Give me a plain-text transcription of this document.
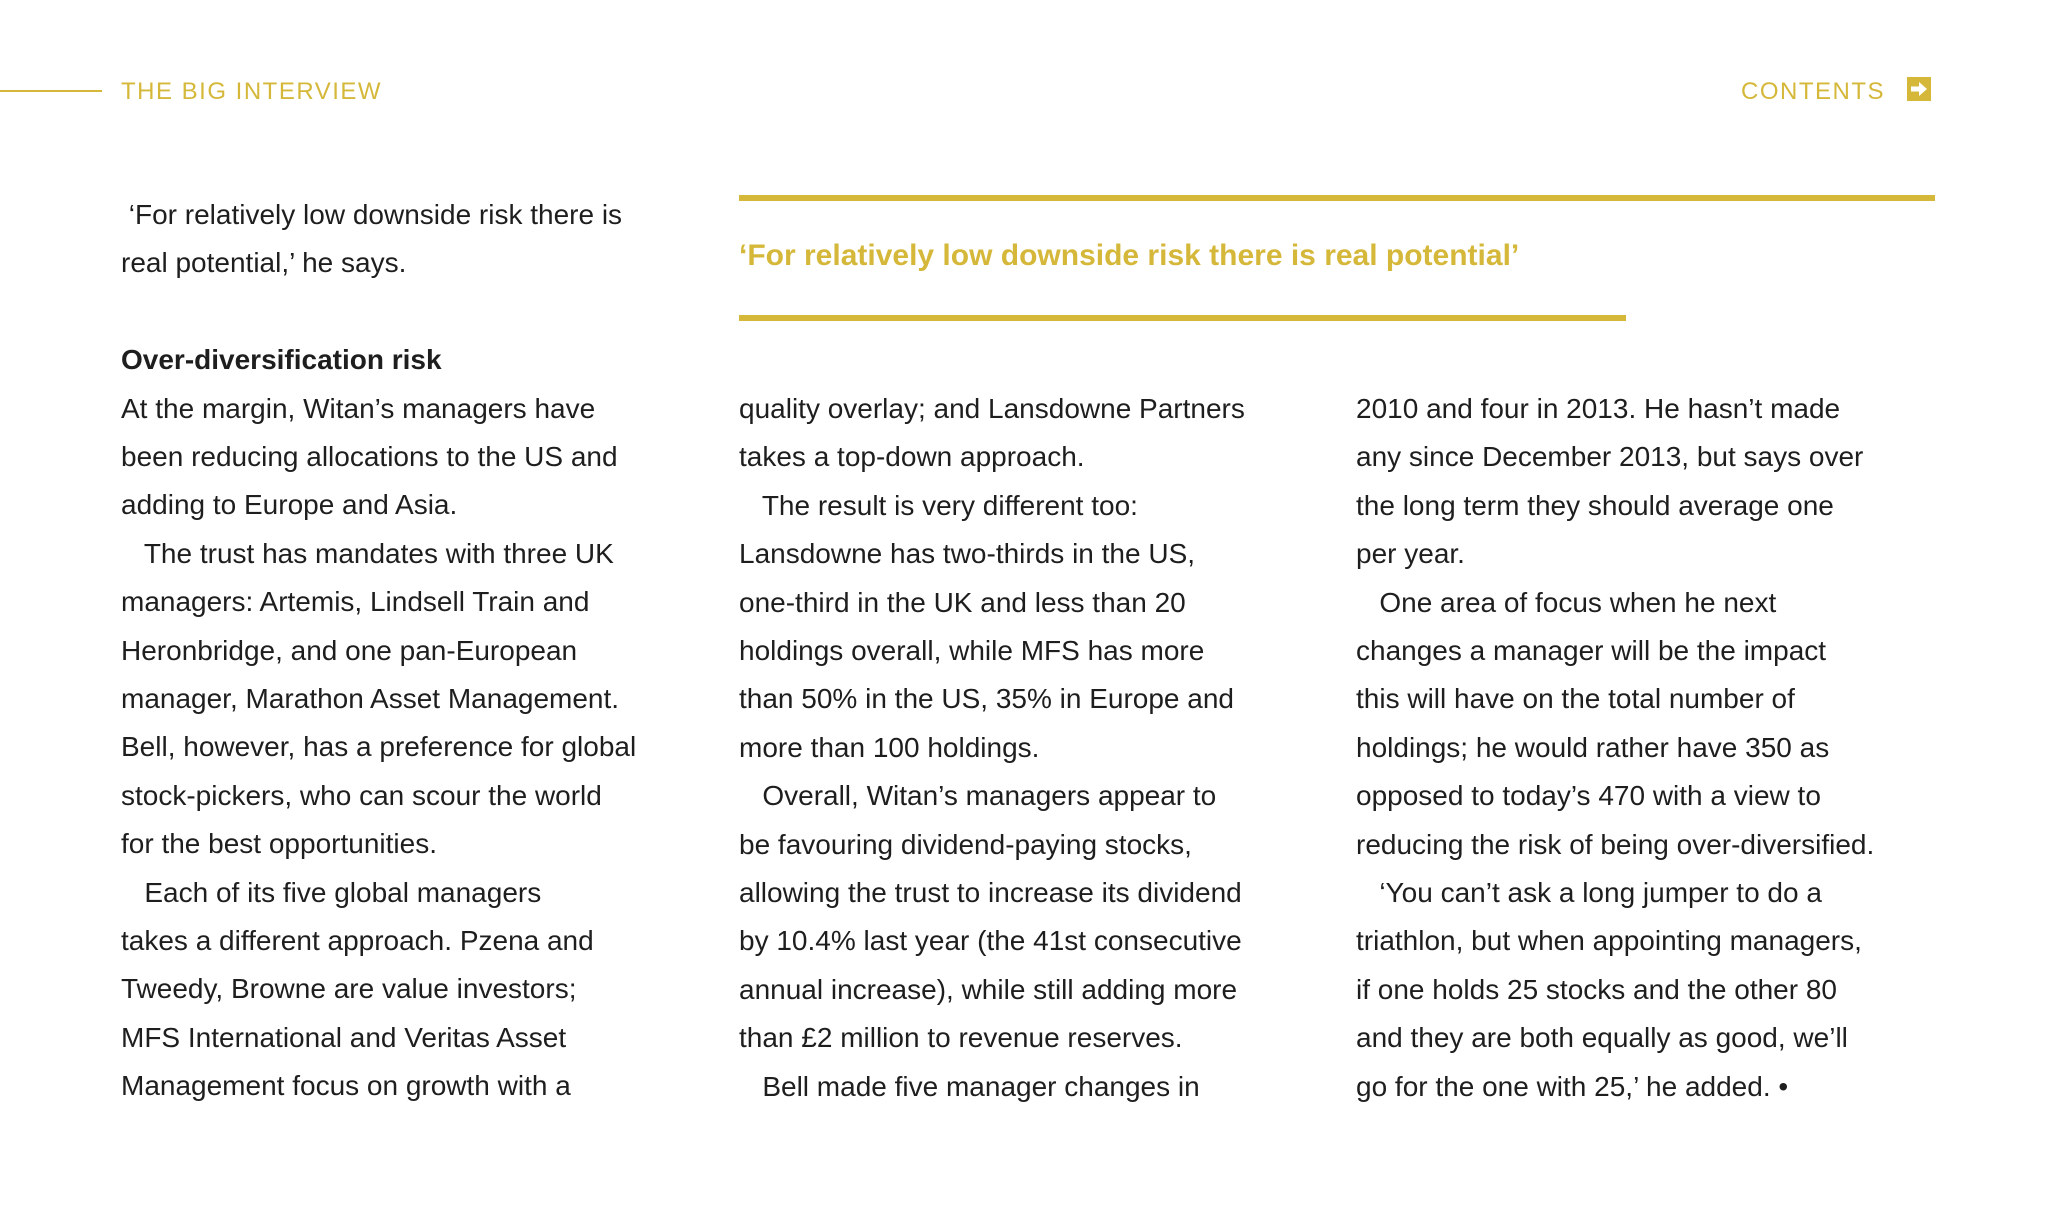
THE BIG INTERVIEW	CONTENTS
‘For relatively low downside risk there is
real potential,’ he says.
Over-diversification risk
At the margin, Witan’s managers have
been reducing allocations to the US and
adding to Europe and Asia.
The trust has mandates with three UK
managers: Artemis, Lindsell Train and
Heronbridge, and one pan-European
manager, Marathon Asset Management.
Bell, however, has a preference for global
stock-pickers, who can scour the world
for the best opportunities.
Each of its five global managers
takes a different approach. Pzena and
Tweedy, Browne are value investors;
MFS International and Veritas Asset
Management focus on growth with a
‘For relatively low downside risk there is real potential’
quality overlay; and Lansdowne Partners
takes a top-down approach.
The result is very different too:
Lansdowne has two-thirds in the US,
one-third in the UK and less than 20
holdings overall, while MFS has more
than 50% in the US, 35% in Europe and
more than 100 holdings.
Overall, Witan’s managers appear to
be favouring dividend-paying stocks,
allowing the trust to increase its dividend
by 10.4% last year (the 41st consecutive
annual increase), while still adding more
than £2 million to revenue reserves.
Bell made five manager changes in
2010 and four in 2013. He hasn’t made
any since December 2013, but says over
the long term they should average one
per year.
One area of focus when he next
changes a manager will be the impact
this will have on the total number of
holdings; he would rather have 350 as
opposed to today’s 470 with a view to
reducing the risk of being over-diversified.
‘You can’t ask a long jumper to do a
triathlon, but when appointing managers,
if one holds 25 stocks and the other 80
and they are both equally as good, we’ll
go for the one with 25,’ he added. •
